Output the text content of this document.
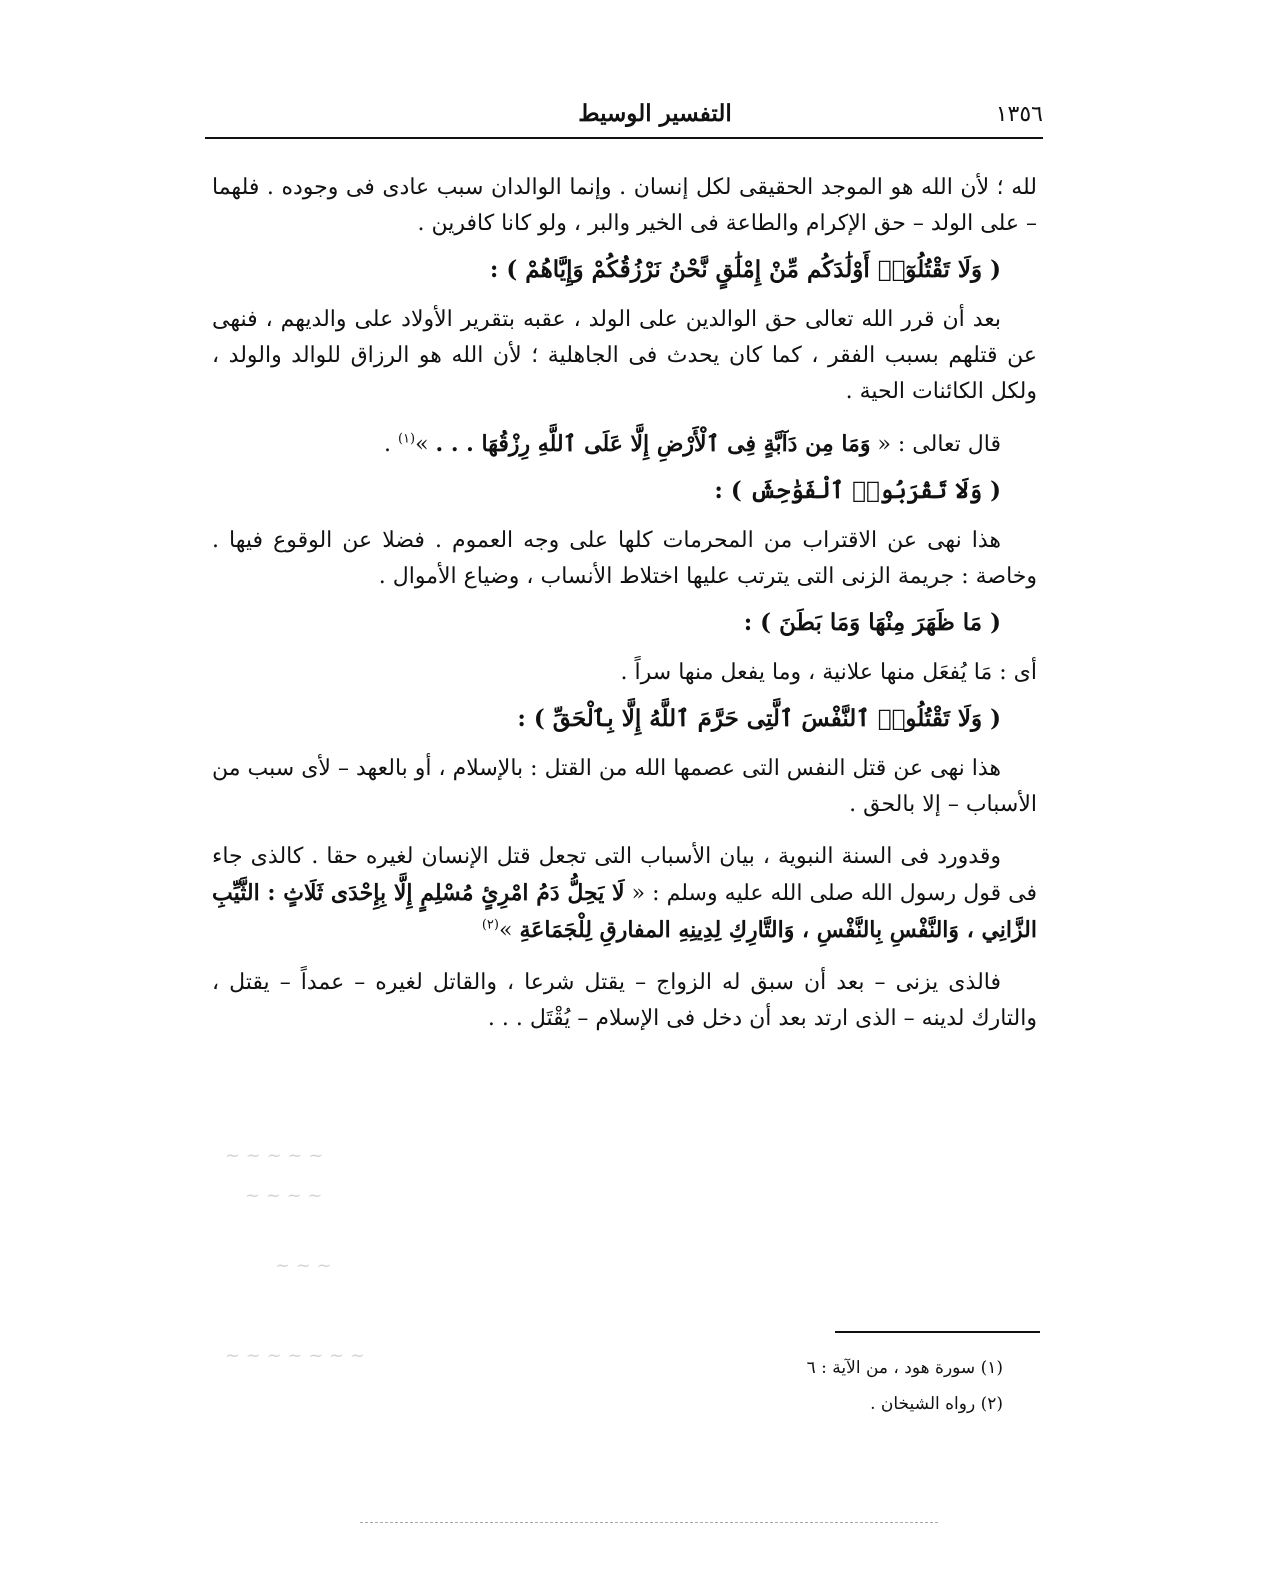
١٣٥٦
التفسير الوسيط

لله ؛ لأن الله هو الموجد الحقيقى لكل إنسان . وإنما الوالدان سبب عادى فى وجوده . فلهما – على الولد – حق الإكرام والطاعة فى الخير والبر ، ولو كانا كافرين .

( وَلَا تَقْتُلُوٓا۟ أَوْلَٰدَكُم مِّنْ إِمْلَٰقٍ نَّحْنُ نَرْزُقُكُمْ وَإِيَّاهُمْ ) :

بعد أن قرر الله تعالى حق الوالدين على الولد ، عقبه بتقرير الأولاد على والديهم ، فنهى عن قتلهم بسبب الفقر ، كما كان يحدث فى الجاهلية ؛ لأن الله هو الرزاق للوالد والولد ، ولكل الكائنات الحية .

قال تعالى : « وَمَا مِن دَآبَّةٍ فِى ٱلْأَرْضِ إِلَّا عَلَى ٱللَّهِ رِزْقُهَا . . . »$^{(١)}$ .

( وَلَا تَقْرَبُوا۟ ٱلْفَوَٰحِشَ ) :

هذا نهى عن الاقتراب من المحرمات كلها على وجه العموم . فضلا عن الوقوع فيها . وخاصة : جريمة الزنى التى يترتب عليها اختلاط الأنساب ، وضياع الأموال .

( مَا ظَهَرَ مِنْهَا وَمَا بَطَنَ ) :

أى : مَا يُفعَل منها علانية ، وما يفعل منها سراً .

( وَلَا تَقْتُلُوا۟ ٱلنَّفْسَ ٱلَّتِى حَرَّمَ ٱللَّهُ إِلَّا بِٱلْحَقِّ ) :

هذا نهى عن قتل النفس التى عصمها الله من القتل : بالإسلام ، أو بالعهد – لأى سبب من الأسباب – إلا بالحق .

وقدورد فى السنة النبوية ، بيان الأسباب التى تجعل قتل الإنسان لغيره حقا . كالذى جاء فى قول رسول الله صلى الله عليه وسلم : « لَا يَحِلُّ دَمُ امْرِئٍ مُسْلِمٍ إِلَّا بِإِحْدَى ثَلَاثٍ : الثَّيِّبِ الزَّانِي ، وَالنَّفْسِ بِالنَّفْسِ ، وَالتَّارِكِ لِدِينِهِ المفارقِ لِلْجَمَاعَةِ »$^{(٢)}$

فالذى يزنى – بعد أن سبق له الزواج – يقتل شرعا ، والقاتل لغيره – عمداً – يقتل ، والتارك لدينه – الذى ارتد بعد أن دخل فى الإسلام – يُقْتَل . . .

~ ~ ~ ~ ~
~ ~ ~ ~
~ ~ ~
~ ~ ~ ~ ~ ~ ~

(١) سورة هود ، من الآية : ٦

(٢) رواه الشيخان .
